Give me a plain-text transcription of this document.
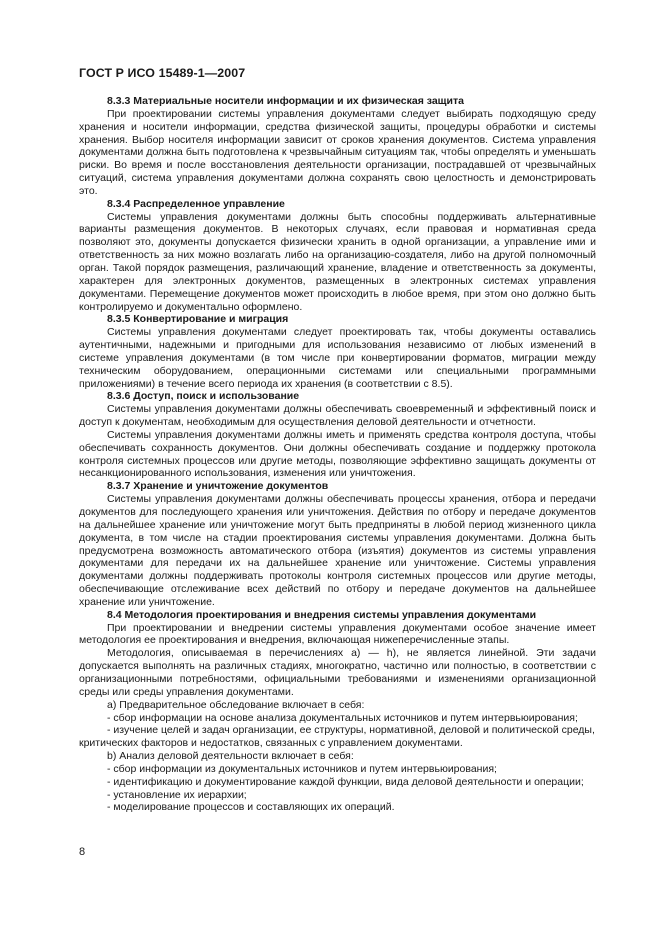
ГОСТ Р ИСО 15489-1—2007

8.3.3 Материальные носители информации и их физическая защита

При проектировании системы управления документами следует выбирать подходящую среду хранения и носители информации, средства физической защиты, процедуры обработки и системы хранения. Выбор носителя информации зависит от сроков хранения документов. Система управления документами должна быть подготовлена к чрезвычайным ситуациям так, чтобы определять и уменьшать риски. Во время и после восстановления деятельности организации, пострадавшей от чрезвычайных ситуаций, система управления документами должна сохранять свою целостность и демонстрировать это.

8.3.4 Распределенное управление

Системы управления документами должны быть способны поддерживать альтернативные варианты размещения документов. В некоторых случаях, если правовая и нормативная среда позволяют это, документы допускается физически хранить в одной организации, а управление ими и ответственность за них можно возлагать либо на организацию-создателя, либо на другой полномочный орган. Такой порядок размещения, различающий хранение, владение и ответственность за документы, характерен для электронных документов, размещенных в электронных системах управления документами. Перемещение документов может происходить в любое время, при этом оно должно быть контролируемо и документально оформлено.

8.3.5 Конвертирование и миграция

Системы управления документами следует проектировать так, чтобы документы оставались аутентичными, надежными и пригодными для использования независимо от любых изменений в системе управления документами (в том числе при конвертировании форматов, миграции между техническим оборудованием, операционными системами или специальными программными приложениями) в течение всего периода их хранения (в соответствии с 8.5).

8.3.6 Доступ, поиск и использование

Системы управления документами должны обеспечивать своевременный и эффективный поиск и доступ к документам, необходимым для осуществления деловой деятельности и отчетности.

Системы управления документами должны иметь и применять средства контроля доступа, чтобы обеспечивать сохранность документов. Они должны обеспечивать создание и поддержку протокола контроля системных процессов или другие методы, позволяющие эффективно защищать документы от несанкционированного использования, изменения или уничтожения.

8.3.7 Хранение и уничтожение документов

Системы управления документами должны обеспечивать процессы хранения, отбора и передачи документов для последующего хранения или уничтожения. Действия по отбору и передаче документов на дальнейшее хранение или уничтожение могут быть предприняты в любой период жизненного цикла документа, в том числе на стадии проектирования системы управления документами. Должна быть предусмотрена возможность автоматического отбора (изъятия) документов из системы управления документами для передачи их на дальнейшее хранение или уничтожение. Системы управления документами должны поддерживать протоколы контроля системных процессов или другие методы, обеспечивающие отслеживание всех действий по отбору и передаче документов на дальнейшее хранение или уничтожение.

8.4 Методология проектирования и внедрения системы управления документами

При проектировании и внедрении системы управления документами особое значение имеет методология ее проектирования и внедрения, включающая нижеперечисленные этапы.

Методология, описываемая в перечислениях а) — h), не является линейной. Эти задачи допускается выполнять на различных стадиях, многократно, частично или полностью, в соответствии с организационными потребностями, официальными требованиями и изменениями организационной среды или среды управления документами.

a) Предварительное обследование включает в себя:

- сбор информации на основе анализа документальных источников и путем интервьюирования;

- изучение целей и задач организации, ее структуры, нормативной, деловой и политической среды, критических факторов и недостатков, связанных с управлением документами.

b) Анализ деловой деятельности включает в себя:

- сбор информации из документальных источников и путем интервьюирования;

- идентификацию и документирование каждой функции, вида деловой деятельности и операции;

- установление их иерархии;

- моделирование процессов и составляющих их операций.

8
